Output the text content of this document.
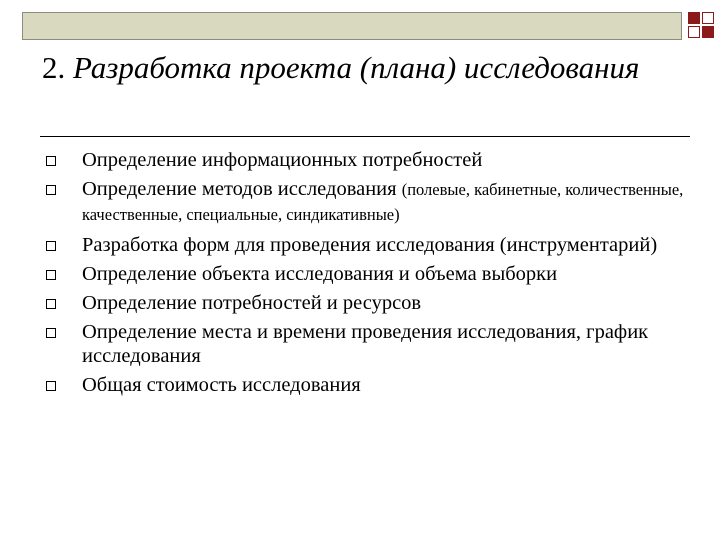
2. Разработка проекта (плана) исследования
Определение информационных потребностей
Определение методов исследования (полевые, кабинетные, количественные, качественные, специальные, синдикативные)
Разработка форм для проведения исследования (инструментарий)
Определение объекта исследования и объема выборки
Определение потребностей и ресурсов
Определение места и времени проведения исследования, график исследования
Общая стоимость исследования
